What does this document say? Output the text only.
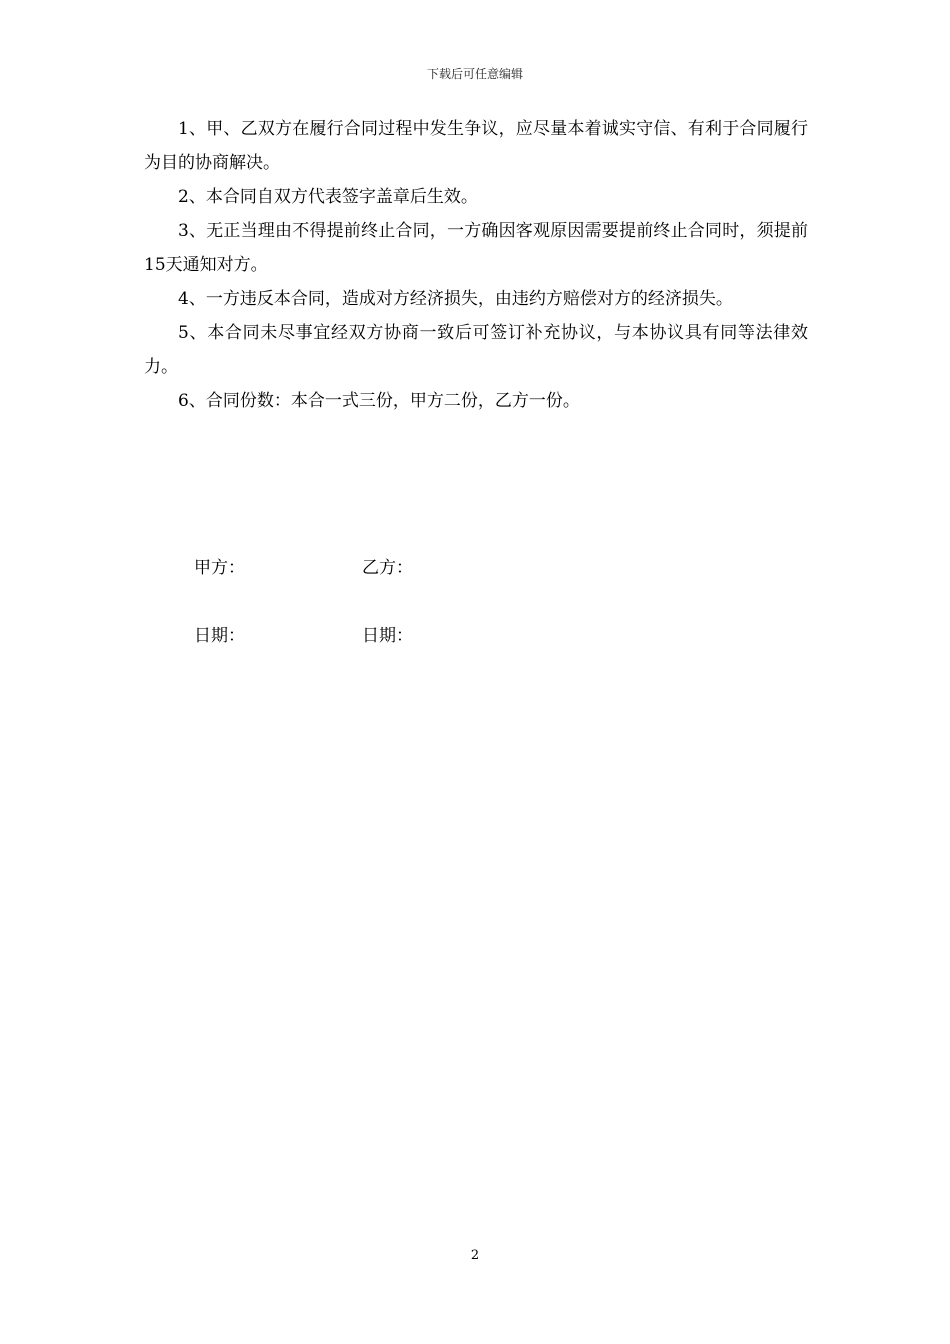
下载后可任意编辑

1、甲、乙双方在履行合同过程中发生争议，应尽量本着诚实守信、有利于合同履行为目的协商解决。

2、本合同自双方代表签字盖章后生效。

3、无正当理由不得提前终止合同，一方确因客观原因需要提前终止合同时，须提前15天通知对方。

4、一方违反本合同，造成对方经济损失，由违约方赔偿对方的经济损失。

5、本合同未尽事宜经双方协商一致后可签订补充协议，与本协议具有同等法律效力。

6、合同份数：本合一式三份，甲方二份，乙方一份。

甲方：	乙方：
日期：	日期：
2
